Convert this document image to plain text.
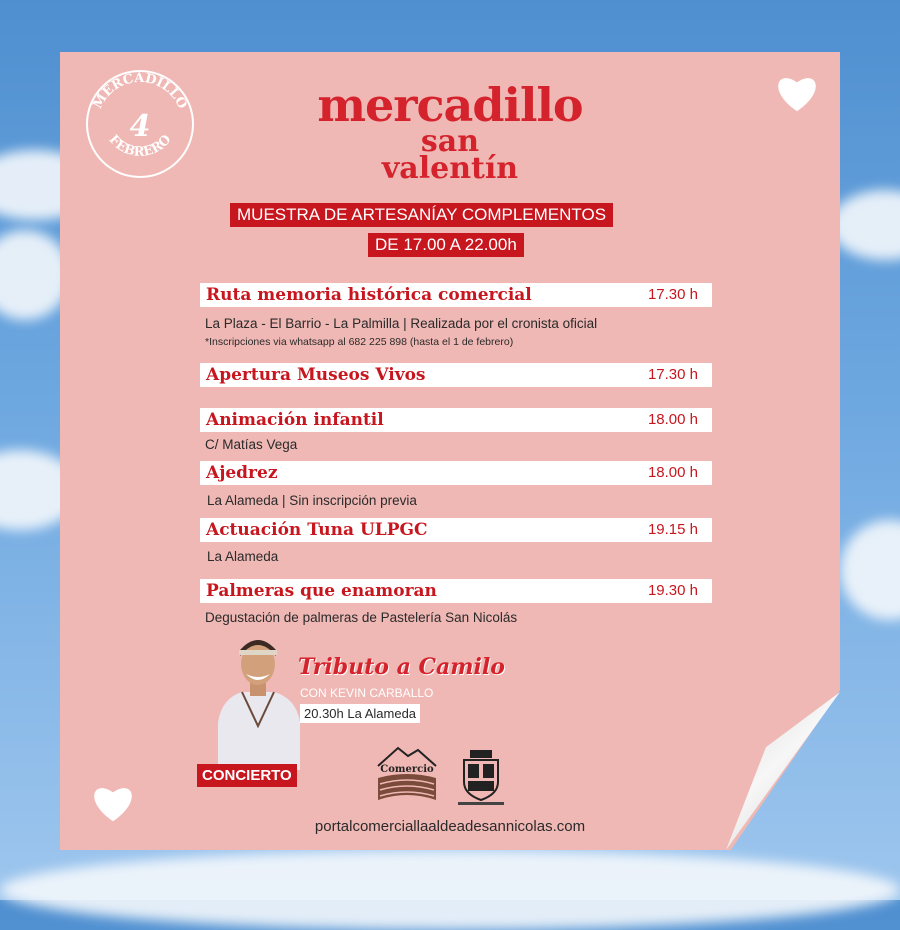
MERCADILLO
FEBRERO
4	mercadillo
san
valentín
MUESTRA DE ARTESANÍAY COMPLEMENTOS
DE 17.00 A 22.00h
Ruta memoria histórica comercial	17.30 h
La Plaza - El Barrio - La Palmilla | Realizada por el cronista oficial
*Inscripciones via whatsapp al 682 225 898 (hasta el 1 de febrero)
Apertura Museos Vivos	17.30 h
Animación infantil	18.00 h
C/ Matías Vega
Ajedrez	18.00 h
La Alameda | Sin inscripción previa
Actuación Tuna ULPGC	19.15 h
La Alameda
Palmeras que enamoran	19.30 h
Degustación de palmeras de Pastelería San Nicolás
Tributo a Camilo
CON KEVIN CARBALLO
20.30h La Alameda
CONCIERTO	Comercio
portalcomerciallaaldeadesannicolas.com
